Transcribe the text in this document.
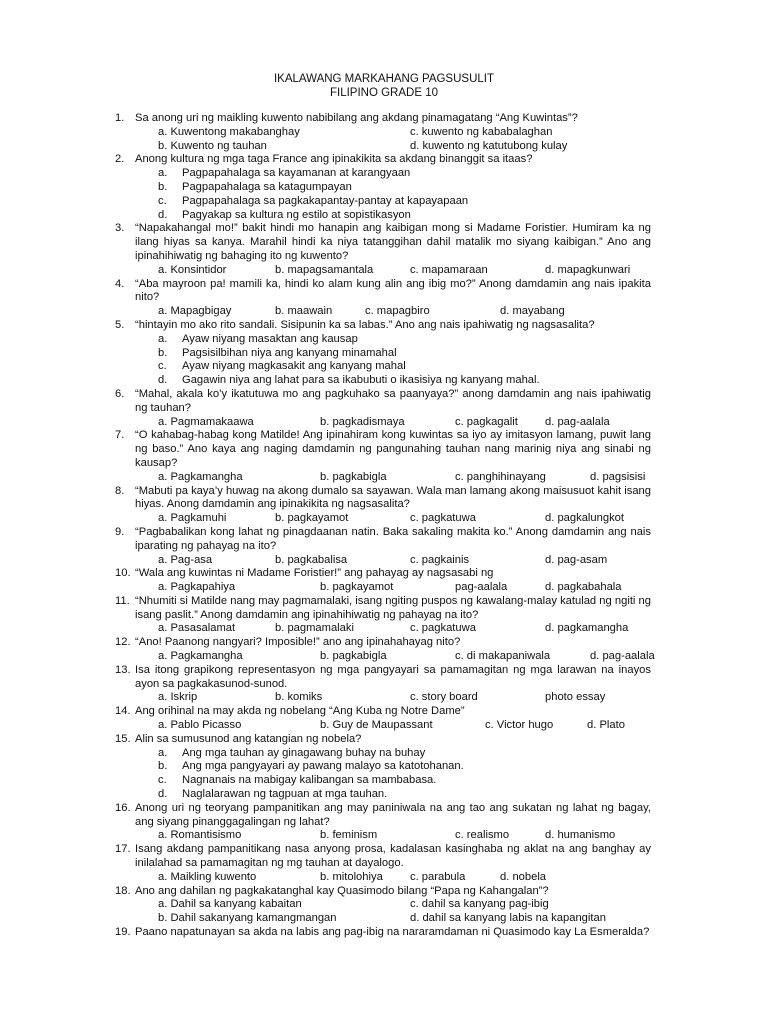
IKALAWANG MARKAHANG PAGSUSULIT
FILIPINO GRADE 10
1. Sa anong uri ng maikling kuwento nabibilang ang akdang pinamagatang “Ang Kuwintas”?
a. Kuwentong makabanghay	c. kuwento ng kababalaghan
b. Kuwento ng tauhan	d. kuwento ng katutubong kulay
2. Anong kultura ng mga taga France ang ipinakikita sa akdang binanggit sa itaas?
a. Pagpapahalaga sa kayamanan at karangyaan
b. Pagpapahalaga sa katagumpayan
c. Pagpapahalaga sa pagkakapantay-pantay at kapayapaan
d. Pagyakap sa kultura ng estilo at sopistikasyon
3. “Napakahangal mo!” bakit hindi mo hanapin ang kaibigan mong si Madame Foristier. Humiram ka ng ilang hiyas sa kanya. Marahil hindi ka niya tatanggihan dahil matalik mo siyang kaibigan.” Ano ang ipinahihiwatig ng bahaging ito ng kuwento?
a. Konsintidor	b. mapagsamantala	c. mapamaraan	d. mapagkunwari
4. “Aba mayroon pa! mamili ka, hindi ko alam kung alin ang ibig mo?” Anong damdamin ang nais ipakita nito?
a. Mapagbigay	b. maawain	c. mapagbiro	d. mayabang
5. “hintayin mo ako rito sandali. Sisipunin ka sa labas.” Ano ang nais ipahiwatig ng nagsasalita?
a. Ayaw niyang masaktan ang kausap
b. Pagsisilbihan niya ang kanyang minamahal
c. Ayaw niyang magkasakit ang kanyang mahal
d. Gagawin niya ang lahat para sa ikabubuti o ikasisiya ng kanyang mahal.
6. “Mahal, akala ko’y ikatutuwa mo ang pagkuhako sa paanyaya?” anong damdamin ang nais ipahiwatig ng tauhan?
a. Pagmamakaawa	b. pagkadismaya	c. pagkagalit d. pag-aalala
7. “O kahabag-habag kong Matilde! Ang ipinahiram kong kuwintas sa iyo ay imitasyon lamang, puwit lang ng baso.” Ano kaya ang naging damdamin ng pangunahing tauhan nang marinig niya ang sinabi ng kausap?
a. Pagkamangha	b. pagkabigla	c. panghihinayang	d. pagsisisi
8. “Mabuti pa kaya’y huwag na akong dumalo sa sayawan. Wala man lamang akong maisusuot kahit isang hiyas. Anong damdamin ang ipinakikita ng nagsasalita?
a. Pagkamuhi	b. pagkayamot	c. pagkatuwa	d. pagkalungkot
9. “Pagbabalikan kong lahat ng pinagdaanan natin. Baka sakaling makita ko.” Anong damdamin ang nais iparating ng pahayag na ito?
a. Pag-asa	b. pagkabalisa	c. pagkainis	d. pag-asam
10. “Wala ang kuwintas ni Madame Foristier!” ang pahayag ay nagsasabi ng
a. Pagkapahiya	b. pagkayamot	pag-aalala	d. pagkabahala
11. “Nhumiti si Matilde nang may pagmamalaki, isang ngiting puspos ng kawalang-malay katulad ng ngiti ng isang paslit.” Anong damdamin ang ipinahihiwatig ng pahayag na ito?
a. Pasasalamat	b. pagmamalaki	c. pagkatuwa	d. pagkamangha
12. “Ano! Paanong nangyari? Imposible!” ano ang ipinahahayag nito?
a. Pagkamangha	b. pagkabigla	c. di makapaniwala	d. pag-aalala
13. Isa itong grapikong representasyon ng mga pangyayari sa pamamagitan ng mga larawan na inayos ayon sa pagkakasunod-sunod.
a. Iskrip	b. komiks	c. story board	photo essay
14. Ang orihinal na may akda ng nobelang “Ang Kuba ng Notre Dame”
a. Pablo Picasso	b. Guy de Maupassant	c. Victor hugo	d. Plato
15. Alin sa sumusunod ang katangian ng nobela?
a. Ang mga tauhan ay ginagawang buhay na buhay
b. Ang mga pangyayari ay pawang malayo sa katotohanan.
c. Nagnanais na mabigay kalibangan sa mambabasa.
d. Naglalarawan ng tagpuan at mga tauhan.
16. Anong uri ng teoryang pampanitikan ang may paniniwala na ang tao ang sukatan ng lahat ng bagay, ang siyang pinanggagalingan ng lahat?
a. Romantisismo	b. feminism	c. realismo	d. humanismo
17. Isang akdang pampanitikang nasa anyong prosa, kadalasan kasinghaba ng aklat na ang banghay ay inilalahad sa pamamagitan ng mg tauhan at dayalogo.
a. Maikling kuwento	b. mitolohiya c. parabula	d. nobela
18. Ano ang dahilan ng pagkakatanghal kay Quasimodo bilang “Papa ng Kahangalan”?
a. Dahil sa kanyang kabaitan	c. dahil sa kanyang pag-ibig
b. Dahil sakanyang kamangmangan	d. dahil sa kanyang labis na kapangitan
19. Paano napatunayan sa akda na labis ang pag-ibig na nararamdaman ni Quasimodo kay La Esmeralda?
